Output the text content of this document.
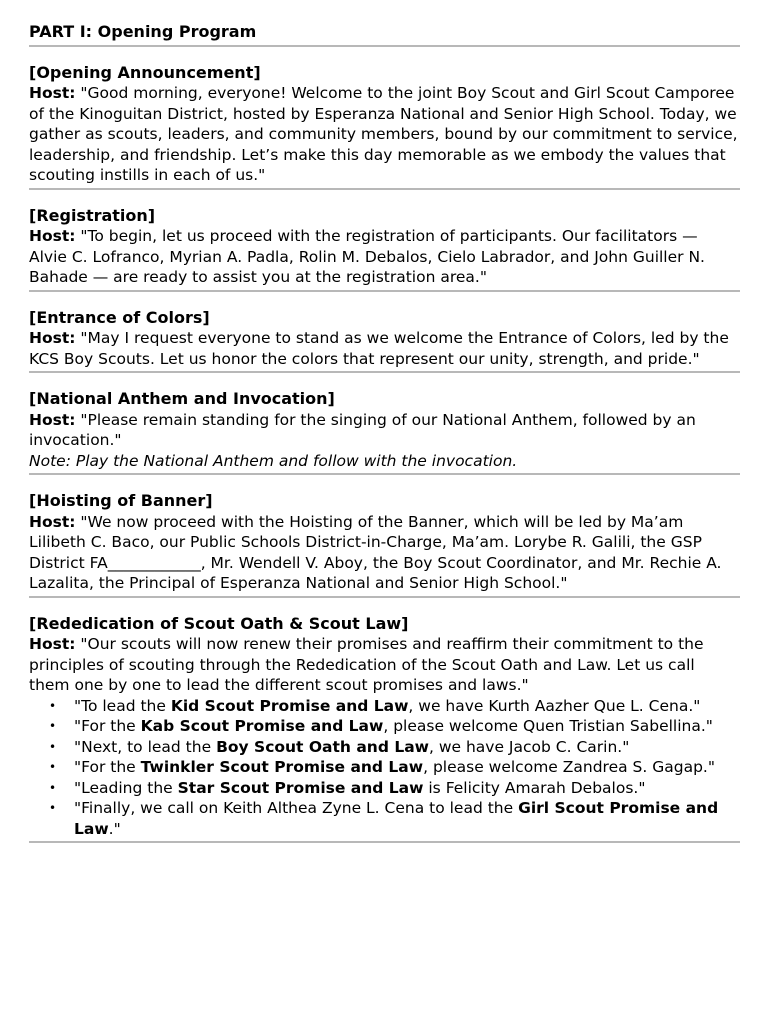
PART I: Opening Program
[Opening Announcement]
Host: "Good morning, everyone! Welcome to the joint Boy Scout and Girl Scout Camporee of the Kinoguitan District, hosted by Esperanza National and Senior High School. Today, we gather as scouts, leaders, and community members, bound by our commitment to service, leadership, and friendship. Let’s make this day memorable as we embody the values that scouting instills in each of us."
[Registration]
Host: "To begin, let us proceed with the registration of participants. Our facilitators — Alvie C. Lofranco, Myrian A. Padla, Rolin M. Debalos, Cielo Labrador, and John Guiller N. Bahade — are ready to assist you at the registration area."
[Entrance of Colors]
Host: "May I request everyone to stand as we welcome the Entrance of Colors, led by the KCS Boy Scouts. Let us honor the colors that represent our unity, strength, and pride."
[National Anthem and Invocation]
Host: "Please remain standing for the singing of our National Anthem, followed by an invocation."
Note: Play the National Anthem and follow with the invocation.
[Hoisting of Banner]
Host: "We now proceed with the Hoisting of the Banner, which will be led by Ma’am Lilibeth C. Baco, our Public Schools District-in-Charge, Ma’am. Lorybe R. Galili, the GSP District FA____________, Mr. Wendell V. Aboy, the Boy Scout Coordinator, and Mr. Rechie A. Lazalita, the Principal of Esperanza National and Senior High School."
[Rededication of Scout Oath & Scout Law]
Host: "Our scouts will now renew their promises and reaffirm their commitment to the principles of scouting through the Rededication of the Scout Oath and Law. Let us call them one by one to lead the different scout promises and laws."
• "To lead the Kid Scout Promise and Law, we have Kurth Aazher Que L. Cena."
• "For the Kab Scout Promise and Law, please welcome Quen Tristian Sabellina."
• "Next, to lead the Boy Scout Oath and Law, we have Jacob C. Carin."
• "For the Twinkler Scout Promise and Law, please welcome Zandrea S. Gagap."
• "Leading the Star Scout Promise and Law is Felicity Amarah Debalos."
• "Finally, we call on Keith Althea Zyne L. Cena to lead the Girl Scout Promise and Law."
